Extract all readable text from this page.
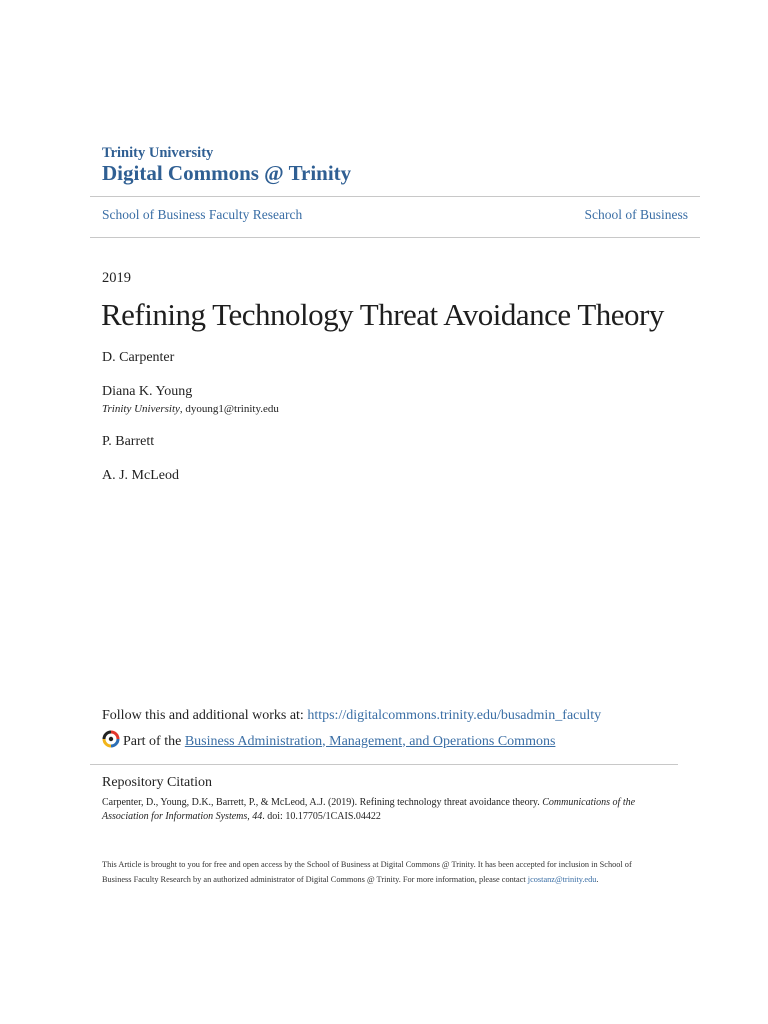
Trinity University
Digital Commons @ Trinity
School of Business Faculty Research	School of Business
2019
Refining Technology Threat Avoidance Theory
D. Carpenter
Diana K. Young
Trinity University, dyoung1@trinity.edu
P. Barrett
A. J. McLeod
Follow this and additional works at: https://digitalcommons.trinity.edu/busadmin_faculty
Part of the
Business Administration, Management, and Operations Commons
Repository Citation
Carpenter, D., Young, D.K., Barrett, P., & McLeod, A.J. (2019). Refining technology threat avoidance theory. Communications of the Association for Information Systems, 44. doi: 10.17705/1CAIS.04422
This Article is brought to you for free and open access by the School of Business at Digital Commons @ Trinity. It has been accepted for inclusion in School of Business Faculty Research by an authorized administrator of Digital Commons @ Trinity. For more information, please contact jcostanz@trinity.edu.
